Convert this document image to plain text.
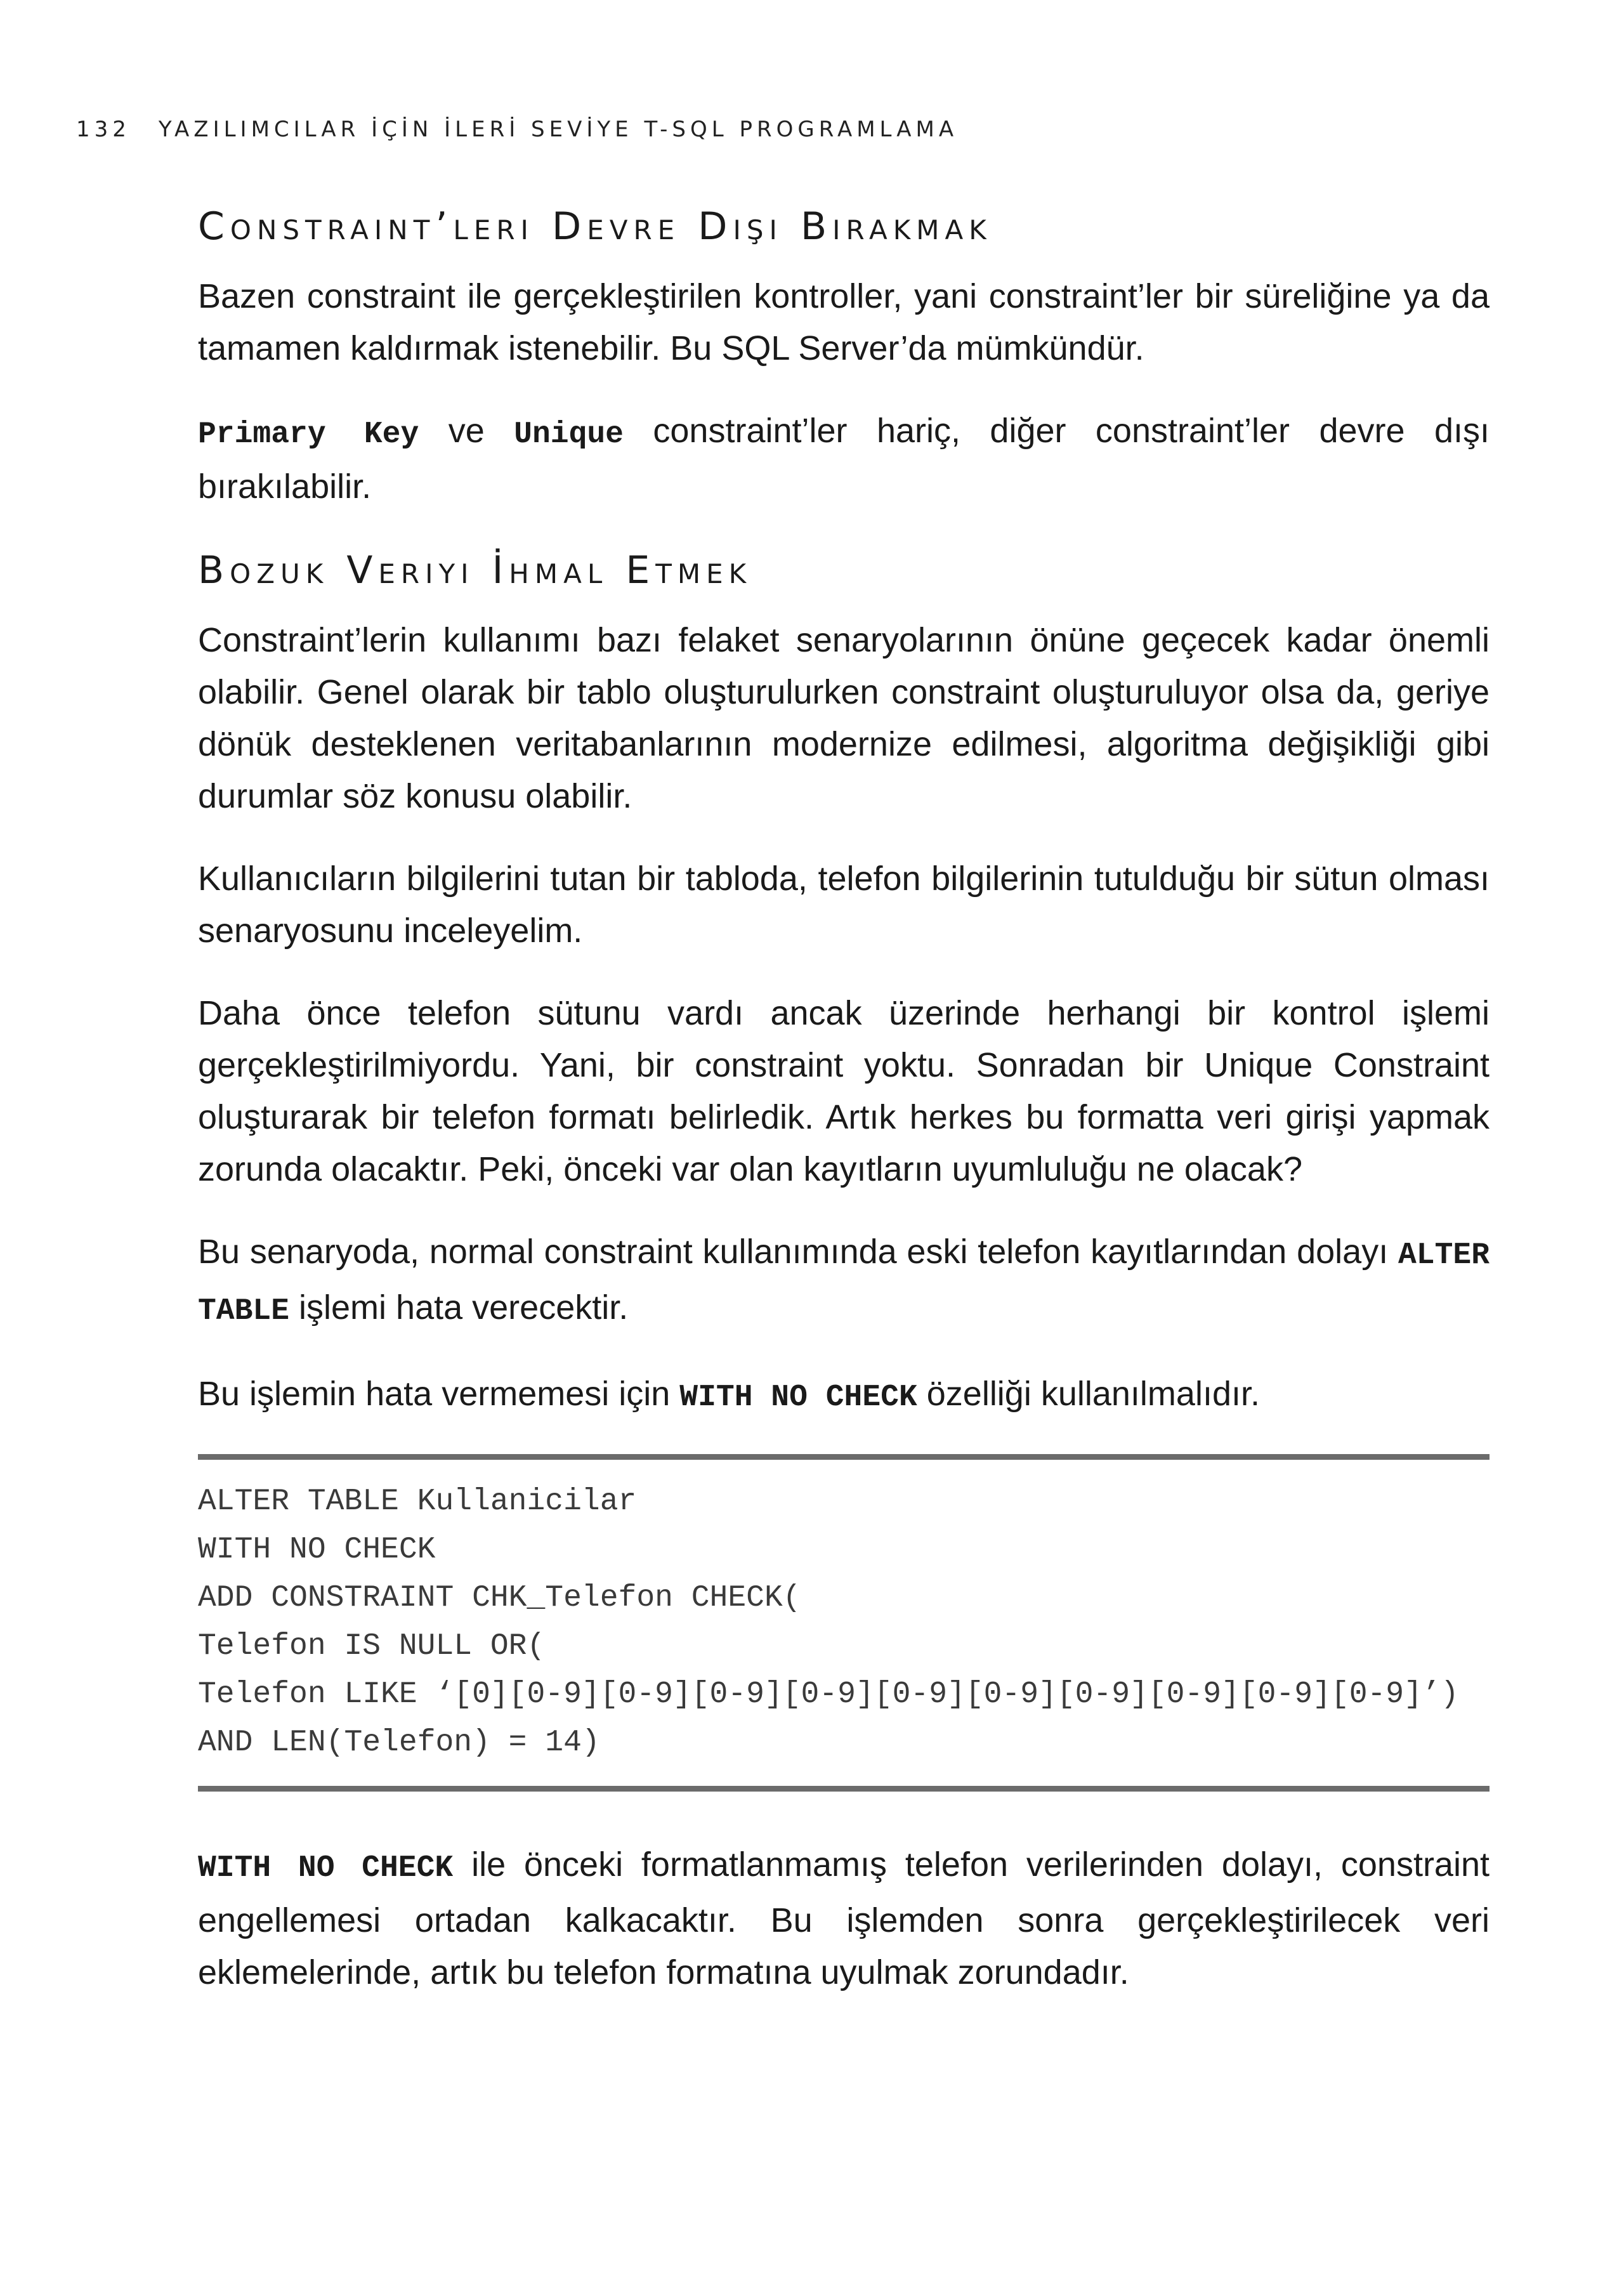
132 YAZILIMCILAR İÇİN İLERİ SEVİYE T-SQL PROGRAMLAMA
Constraint’leri Devre Dışı Bırakmak

Bazen constraint ile gerçekleştirilen kontroller, yani constraint’ler bir süreliğine ya da tamamen kaldırmak istenebilir. Bu SQL Server’da mümkündür.

Primary Key ve Unique constraint’ler hariç, diğer constraint’ler devre dışı bırakılabilir.

Bozuk Veriyi İhmal Etmek

Constraint’lerin kullanımı bazı felaket senaryolarının önüne geçecek kadar önemli olabilir. Genel olarak bir tablo oluşturulurken constraint oluşturuluyor olsa da, geriye dönük desteklenen veritabanlarının modernize edilmesi, algoritma değişikliği gibi durumlar söz konusu olabilir.

Kullanıcıların bilgilerini tutan bir tabloda, telefon bilgilerinin tutulduğu bir sütun olması senaryosunu inceleyelim.

Daha önce telefon sütunu vardı ancak üzerinde herhangi bir kontrol işlemi gerçekleştirilmiyordu. Yani, bir constraint yoktu. Sonradan bir Unique Constraint oluşturarak bir telefon formatı belirledik. Artık herkes bu formatta veri girişi yapmak zorunda olacaktır. Peki, önceki var olan kayıtların uyumluluğu ne olacak?

Bu senaryoda, normal constraint kullanımında eski telefon kayıtlarından dolayı ALTER TABLE işlemi hata verecektir.

Bu işlemin hata vermemesi için WITH NO CHECK özelliği kullanılmalıdır.

ALTER TABLE Kullanicilar
WITH NO CHECK
ADD CONSTRAINT CHK_Telefon CHECK(
Telefon IS NULL OR(
Telefon LIKE ‘[0][0-9][0-9][0-9][0-9][0-9][0-9][0-9][0-9][0-9][0-9]’)
AND LEN(Telefon) = 14)

WITH NO CHECK ile önceki formatlanmamış telefon verilerinden dolayı, constraint engellemesi ortadan kalkacaktır. Bu işlemden sonra gerçekleştirilecek veri eklemelerinde, artık bu telefon formatına uyulmak zorundadır.
